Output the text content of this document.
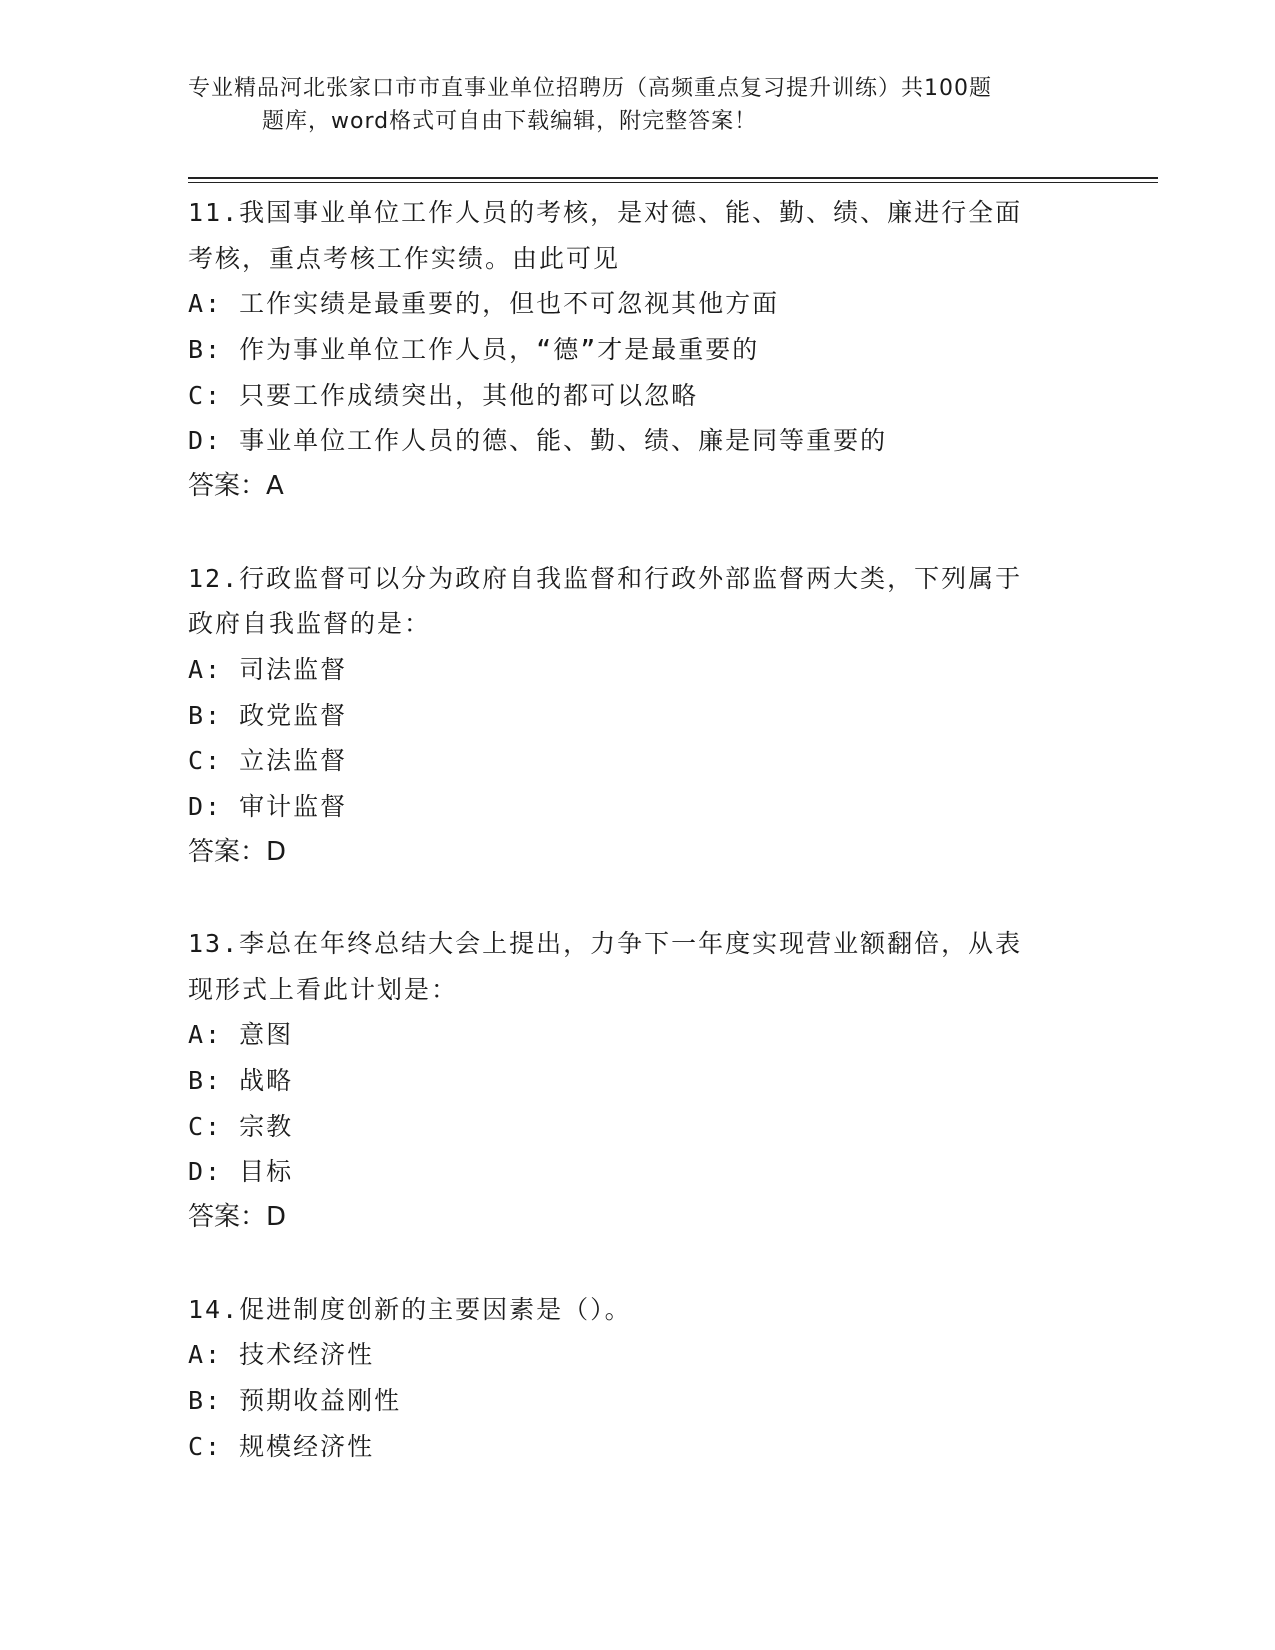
专业精品河北张家口市市直事业单位招聘历（高频重点复习提升训练）共100题
题库，word格式可自由下载编辑，附完整答案！
11.我国事业单位工作人员的考核，是对德、能、勤、绩、廉进行全面
考核，重点考核工作实绩。由此可见
A: 工作实绩是最重要的，但也不可忽视其他方面
B: 作为事业单位工作人员，“德”才是最重要的
C: 只要工作成绩突出，其他的都可以忽略
D: 事业单位工作人员的德、能、勤、绩、廉是同等重要的
答案：A
12.行政监督可以分为政府自我监督和行政外部监督两大类，下列属于
政府自我监督的是：
A: 司法监督
B: 政党监督
C: 立法监督
D: 审计监督
答案：D
13.李总在年终总结大会上提出，力争下一年度实现营业额翻倍，从表
现形式上看此计划是：
A: 意图
B: 战略
C: 宗教
D: 目标
答案：D
14.促进制度创新的主要因素是（）。
A: 技术经济性
B: 预期收益刚性
C: 规模经济性
